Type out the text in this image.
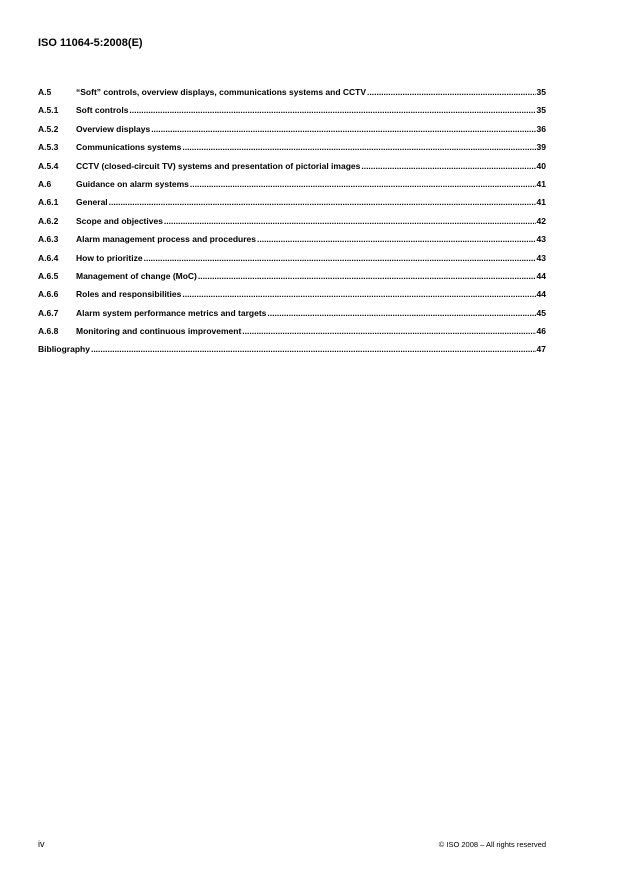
ISO 11064-5:2008(E)
A.5	“Soft” controls, overview displays, communications systems and CCTV .....	35
A.5.1	Soft controls .....	35
A.5.2	Overview displays .....	36
A.5.3	Communications systems .....	39
A.5.4	CCTV (closed-circuit TV) systems and presentation of pictorial images .....	40
A.6	Guidance on alarm systems .....	41
A.6.1	General .....	41
A.6.2	Scope and objectives .....	42
A.6.3	Alarm management process and procedures .....	43
A.6.4	How to prioritize .....	43
A.6.5	Management of change (MoC) .....	44
A.6.6	Roles and responsibilities .....	44
A.6.7	Alarm system performance metrics and targets .....	45
A.6.8	Monitoring and continuous improvement .....	46
Bibliography .....	47
iv	© ISO 2008 – All rights reserved
